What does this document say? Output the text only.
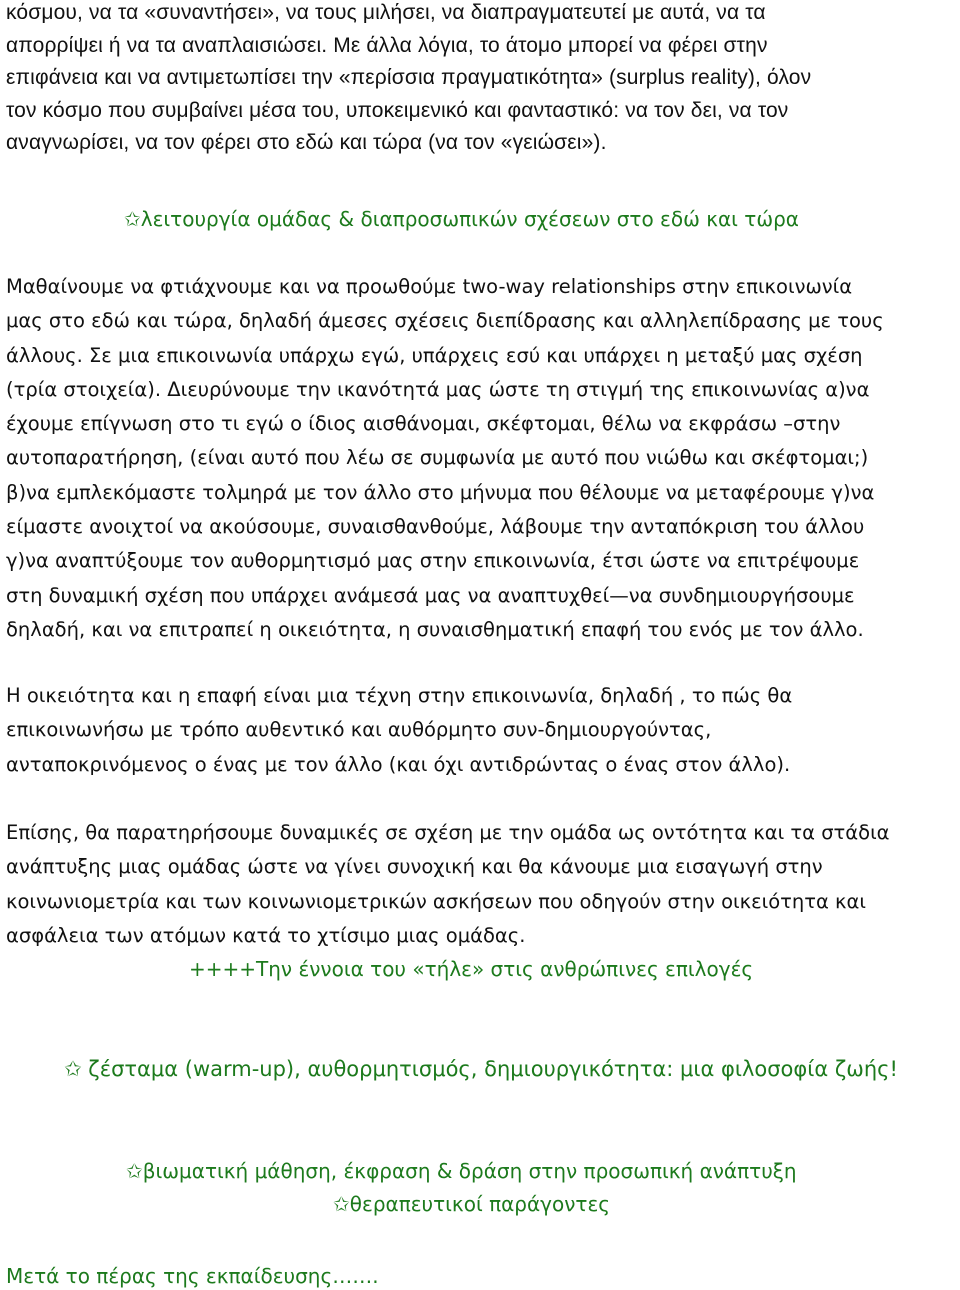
κόσμου, να τα «συναντήσει», να τους μιλήσει, να διαπραγματευτεί με αυτά, να τα
απορρίψει ή να τα αναπλαισιώσει. Με άλλα λόγια, το άτομο μπορεί να φέρει στην
επιφάνεια και να αντιμετωπίσει την «περίσσια πραγματικότητα» (surplus reality), όλον
τον κόσμο που συμβαίνει μέσα του, υποκειμενικό και φανταστικό: να τον δει, να τον
αναγνωρίσει, να τον φέρει στο εδώ και τώρα (να τον «γειώσει»).

✩λειτουργία ομάδας & διαπροσωπικών σχέσεων στο εδώ και τώρα

Μαθαίνουμε να φτιάχνουμε και να προωθούμε two-way relationships στην επικοινωνία
μας στο εδώ και τώρα, δηλαδή άμεσες σχέσεις διεπίδρασης και αλληλεπίδρασης με τους
άλλους. Σε μια επικοινωνία υπάρχω εγώ, υπάρχεις εσύ και υπάρχει η μεταξύ μας σχέση
(τρία στοιχεία). Διευρύνουμε την ικανότητά μας ώστε τη στιγμή της επικοινωνίας α)να
έχουμε επίγνωση στο τι εγώ ο ίδιος αισθάνομαι, σκέφτομαι, θέλω να εκφράσω –στην
αυτοπαρατήρηση, (είναι αυτό που λέω σε συμφωνία με αυτό που νιώθω και σκέφτομαι;)
β)να εμπλεκόμαστε τολμηρά με τον άλλο στο μήνυμα που θέλουμε να μεταφέρουμε γ)να
είμαστε ανοιχτοί να ακούσουμε, συναισθανθούμε, λάβουμε την ανταπόκριση του άλλου
γ)να αναπτύξουμε τον αυθορμητισμό μας στην επικοινωνία, έτσι ώστε να επιτρέψουμε
στη δυναμική σχέση που υπάρχει ανάμεσά μας να αναπτυχθεί—να συνδημιουργήσουμε
δηλαδή, και να επιτραπεί η οικειότητα, η συναισθηματική επαφή του ενός με τον άλλο.

Η οικειότητα και η επαφή είναι μια τέχνη στην επικοινωνία, δηλαδή , το πώς θα
επικοινωνήσω με τρόπο αυθεντικό και αυθόρμητο συν-δημιουργούντας,
ανταποκρινόμενος ο ένας με τον άλλο (και όχι αντιδρώντας ο ένας στον άλλο).

Επίσης, θα παρατηρήσουμε δυναμικές σε σχέση με την ομάδα ως οντότητα και τα στάδια
ανάπτυξης μιας ομάδας ώστε να γίνει συνοχική και θα κάνουμε μια εισαγωγή στην
κοινωνιομετρία και των κοινωνιομετρικών ασκήσεων που οδηγούν στην οικειότητα και
ασφάλεια των ατόμων κατά το χτίσιμο μιας ομάδας.

++++Την έννοια του «τήλε» στις ανθρώπινες επιλογές

✩ ζέσταμα (warm-up), αυθορμητισμός, δημιουργικότητα: μια φιλοσοφία ζωής!

✩βιωματική μάθηση, έκφραση & δράση στην προσωπική ανάπτυξη

✩θεραπευτικοί παράγοντες

Μετά το πέρας της εκπαίδευσης…….
